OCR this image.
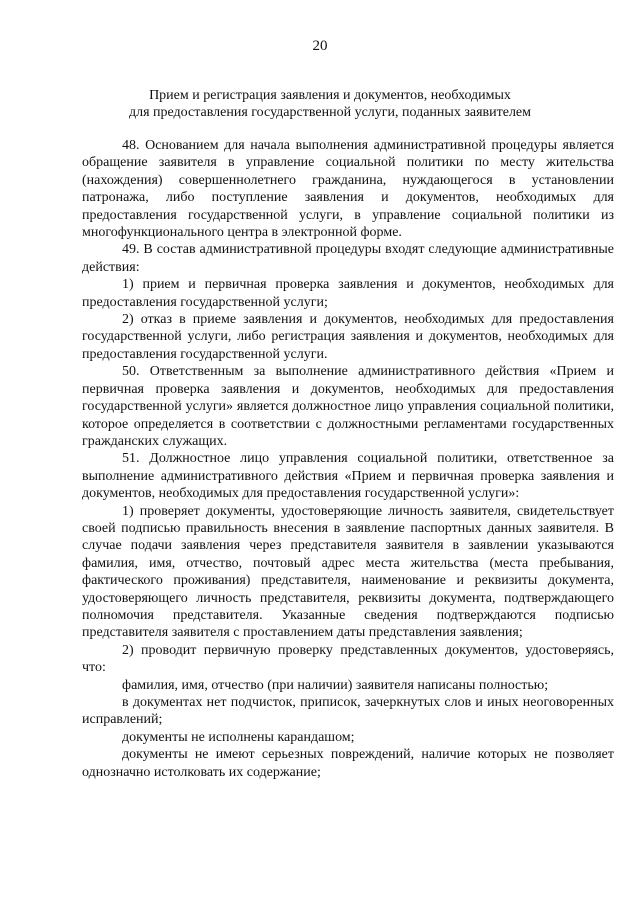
20
Прием и регистрация заявления и документов, необходимых
для предоставления государственной услуги, поданных заявителем

48. Основанием для начала выполнения административной процедуры является обращение заявителя в управление социальной политики по месту жительства (нахождения) совершеннолетнего гражданина, нуждающегося в установлении патронажа, либо поступление заявления и документов, необходимых для предоставления государственной услуги, в управление социальной политики из многофункционального центра в электронной форме.

49. В состав административной процедуры входят следующие административные действия:

1) прием и первичная проверка заявления и документов, необходимых для предоставления государственной услуги;

2) отказ в приеме заявления и документов, необходимых для предоставления государственной услуги, либо регистрация заявления и документов, необходимых для предоставления государственной услуги.

50. Ответственным за выполнение административного действия «Прием и первичная проверка заявления и документов, необходимых для предоставления государственной услуги» является должностное лицо управления социальной политики, которое определяется в соответствии с должностными регламентами государственных гражданских служащих.

51. Должностное лицо управления социальной политики, ответственное за выполнение административного действия «Прием и первичная проверка заявления и документов, необходимых для предоставления государственной услуги»:

1) проверяет документы, удостоверяющие личность заявителя, свидетельствует своей подписью правильность внесения в заявление паспортных данных заявителя. В случае подачи заявления через представителя заявителя в заявлении указываются фамилия, имя, отчество, почтовый адрес места жительства (места пребывания, фактического проживания) представителя, наименование и реквизиты документа, удостоверяющего личность представителя, реквизиты документа, подтверждающего полномочия представителя. Указанные сведения подтверждаются подписью представителя заявителя с проставлением даты представления заявления;

2) проводит первичную проверку представленных документов, удостоверяясь, что:

фамилия, имя, отчество (при наличии) заявителя написаны полностью;

в документах нет подчисток, приписок, зачеркнутых слов и иных неоговоренных исправлений;

документы не исполнены карандашом;

документы не имеют серьезных повреждений, наличие которых не позволяет однозначно истолковать их содержание;
